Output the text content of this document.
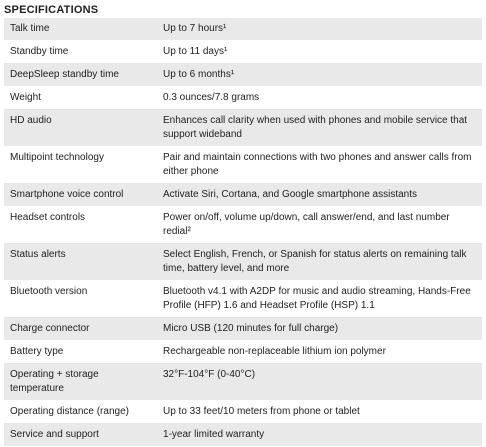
SPECIFICATIONS
Talk time	Up to 7 hours¹
Standby time	Up to 11 days¹
DeepSleep standby time	Up to 6 months¹
Weight	0.3 ounces/7.8 grams
HD audio	Enhances call clarity when used with phones and mobile service that support wideband
Multipoint technology	Pair and maintain connections with two phones and answer calls from either phone
Smartphone voice control	Activate Siri, Cortana, and Google smartphone assistants
Headset controls	Power on/off, volume up/down, call answer/end, and last number redial²
Status alerts	Select English, French, or Spanish for status alerts on remaining talk time, battery level, and more
Bluetooth version	Bluetooth v4.1 with A2DP for music and audio streaming, Hands-Free Profile (HFP) 1.6 and Headset Profile (HSP) 1.1
Charge connector	Micro USB (120 minutes for full charge)
Battery type	Rechargeable non-replaceable lithium ion polymer
Operating + storage temperature	32°F-104°F (0-40°C)
Operating distance (range)	Up to 33 feet/10 meters from phone or tablet
Service and support	1-year limited warranty
